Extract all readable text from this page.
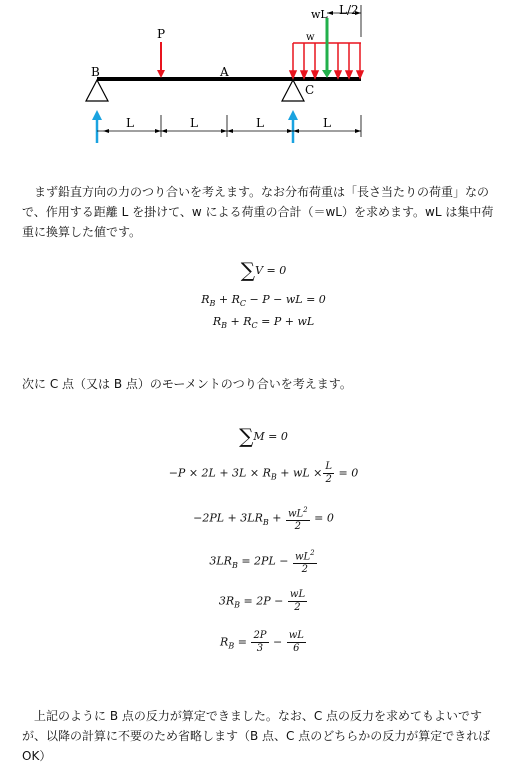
B
P
A
C
w
wL L/2
L	L	L	L

まず鉛直方向の力のつり合いを考えます。なお分布荷重は「長さ当たりの荷重」なので、作用する距離 L を掛けて、w による荷重の合計（＝wL）を求めます。wL は集中荷重に換算した値です。

∑V = 0
$R_B + R_C - P$ − wL = 0
$R_B + R_C = P$ + wL

次に C 点（又は B 点）のモーメントのつり合いを考えます。

∑M = 0
$-P \times 2L + 3L \times R_B$ + wL × $\frac{L}{2} = 0$
$-2PL + 3LR_B + \frac{wL^2}{2} = 0$
$3LR_B = 2PL - \frac{wL^2}{2}$
$3R_B = 2P - \frac{wL}{2}$
$R_B = \frac{2P}{3} - \frac{wL}{6}$

上記のように B 点の反力が算定できました。なお、C 点の反力を求めてもよいですが、以降の計算に不要のため省略します（B 点、C 点のどちらかの反力が算定できれば OK）
